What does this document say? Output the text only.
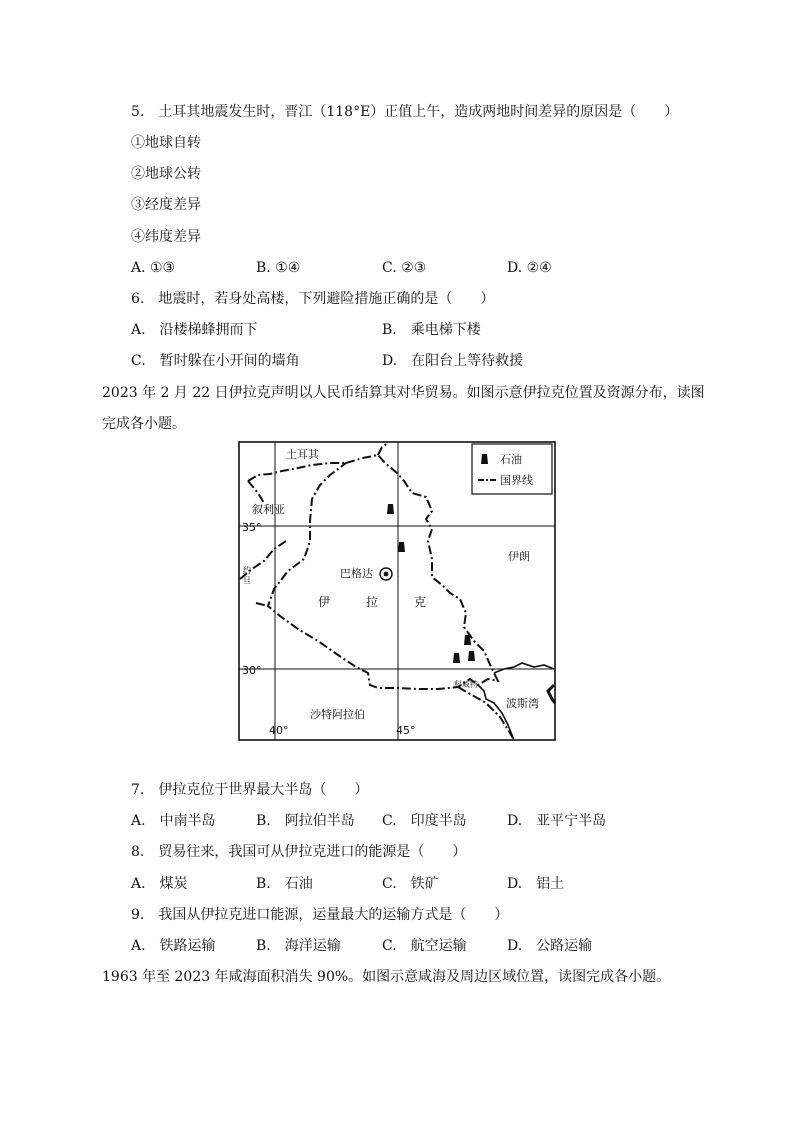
5.　土耳其地震发生时，晋江（118°E）正值上午，造成两地时间差异的原因是（　　）
①地球自转
②地球公转
③经度差异
④纬度差异
A. ①③	B. ①④	C. ②③	D. ②④
6.　地震时，若身处高楼，下列避险措施正确的是（　　）
A.　沿楼梯蜂拥而下	B.　乘电梯下楼
C.　暂时躲在小开间的墙角	D.　在阳台上等待救援
2023 年 2 月 22 日伊拉克声明以人民币结算其对华贸易。如图示意伊拉克位置及资源分布，读图
完成各小题。
石油
国界线
土耳其
叙利亚
约 旦
伊朗
巴格达
伊	拉	克
科威特
波斯湾
沙特阿拉伯
35°
30°
40°	45°
7.　伊拉克位于世界最大半岛（　　）
A.　中南半岛	B.　阿拉伯半岛 C.　印度半岛	D.　亚平宁半岛
8.　贸易往来，我国可从伊拉克进口的能源是（　　）
A.　煤炭	B.　石油	C.　铁矿	D.　铝土
9.　我国从伊拉克进口能源，运量最大的运输方式是（　　）
A.　铁路运输	B.　海洋运输	C.　航空运输	D.　公路运输
1963 年至 2023 年咸海面积消失 90%。如图示意咸海及周边区域位置，读图完成各小题。
